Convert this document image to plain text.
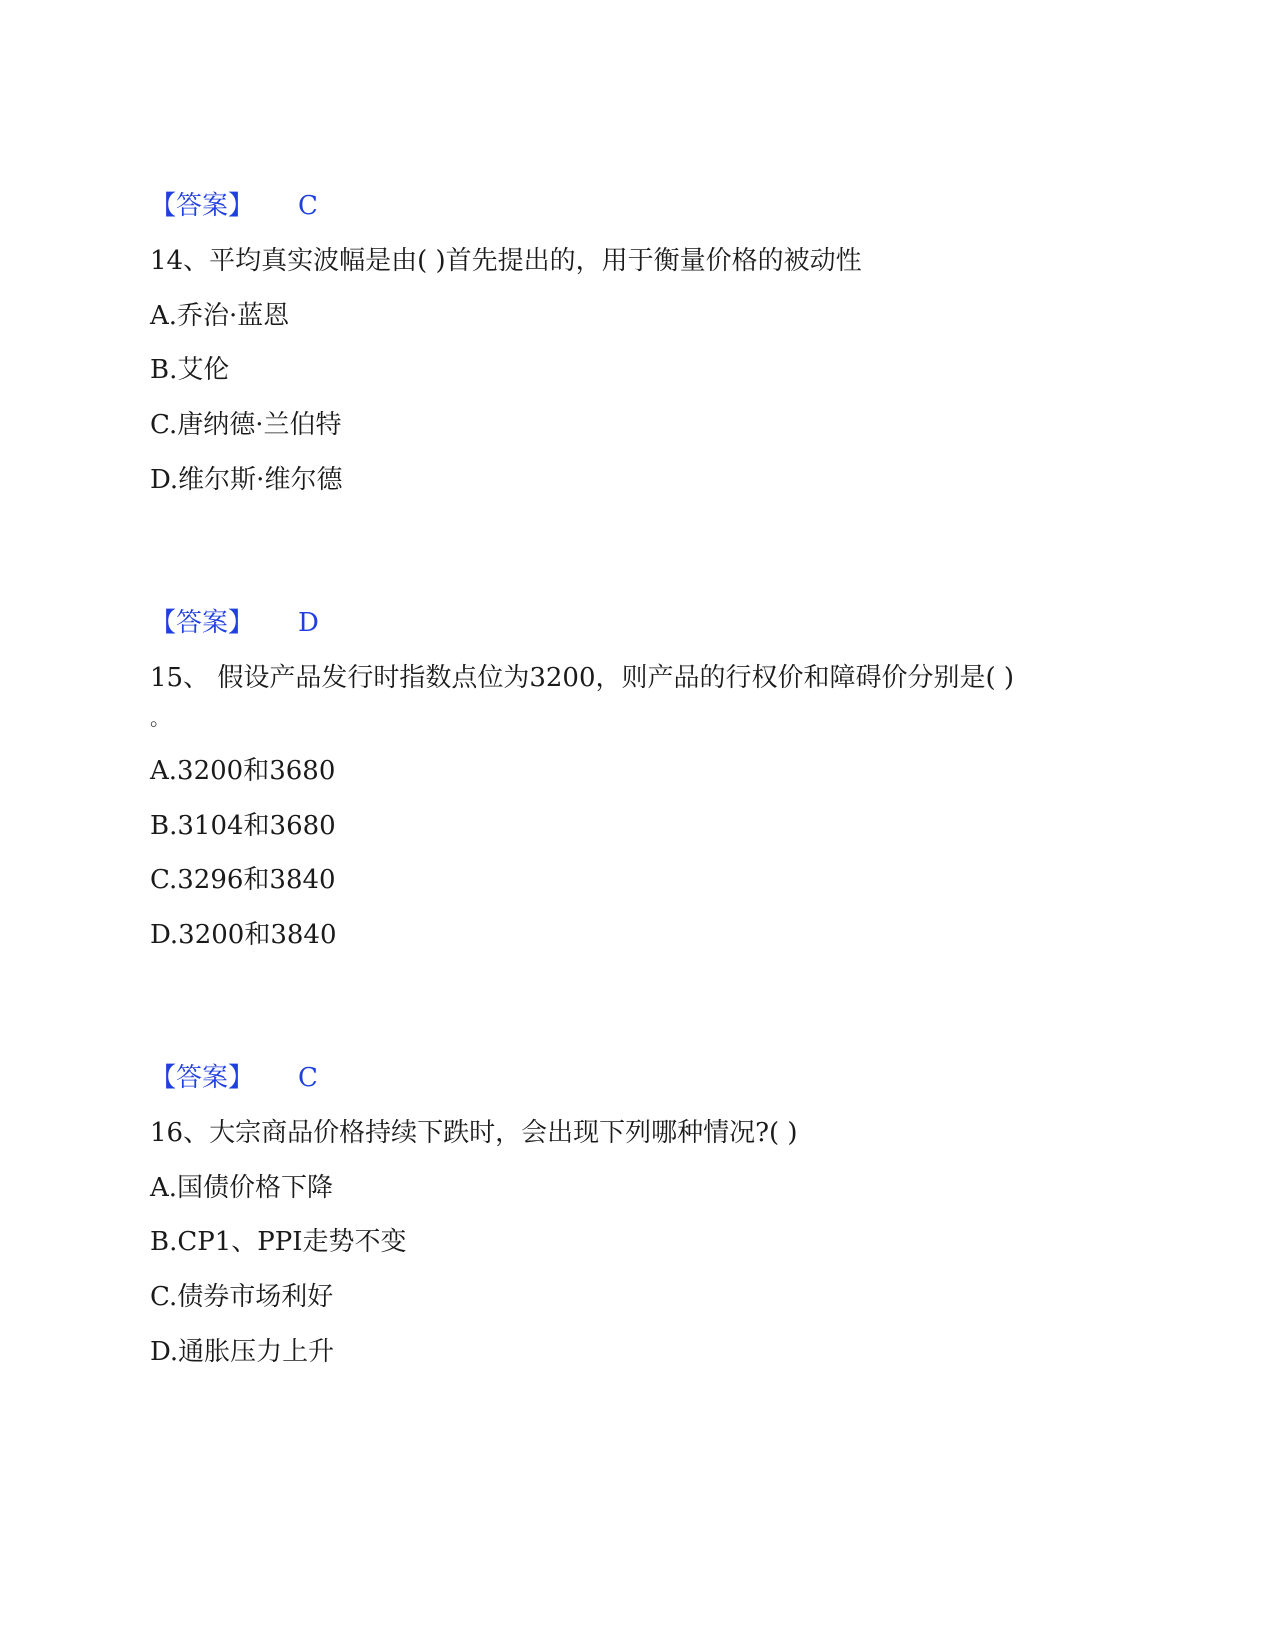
【答案】 C
14、平均真实波幅是由( )首先提出的，用于衡量价格的被动性
A.乔治·蓝恩
B.艾伦
C.唐纳德·兰伯特
D.维尔斯·维尔德
【答案】 D
15、 假设产品发行时指数点位为3200，则产品的行权价和障碍价分别是( )
。
A.3200和3680
B.3104和3680
C.3296和3840
D.3200和3840
【答案】 C
16、大宗商品价格持续下跌时，会出现下列哪种情况?( )
A.国债价格下降
B.CP1、PPI走势不变
C.债券市场利好
D.通胀压力上升
